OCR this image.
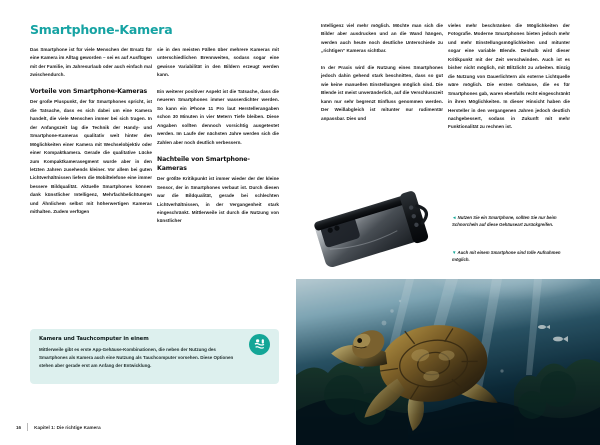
Smartphone-Kamera

Das Smartphone ist für viele Menschen der Ersatz für eine Kamera im Alltag geworden – sei es auf Ausflügen mit der Familie, im Jahresurlaub oder auch einfach mal zwischendurch.

Vorteile von Smartphone-Kameras

Der große Pluspunkt, der für Smartphones spricht, ist die Tatsache, dass es sich dabei um eine Kamera handelt, die viele Menschen immer bei sich tragen. In der Anfangszeit lag die Technik der Handy- und Smartphone-Kameras qualitativ weit hinter den Möglichkeiten einer Kamera mit Wechselobjektiv oder einer Kompaktkamera. Gerade die qualitative Lücke zum Kompaktkamerasegment wurde aber in den letzten Jahren zusehends kleiner. Vor allem bei guten Lichtverhältnissen liefern die Mobiltelefone eine immer bessere Bildqualität. Aktuelle Smartphones können dank künstlicher Intelligenz, Mehrfachbelichtungen und Ähnlichem selbst mit höherwertigen Kameras mithalten. Zudem verfügen

sie in den meisten Fällen über mehrere Kameras mit unterschiedlichen Brennweiten, sodass sogar eine gewisse Variabilität in den Bildern erzeugt werden kann.

Ein weiterer positiver Aspekt ist die Tatsache, dass die neueren Smartphones immer wasserdichter werden. So kann ein iPhone 11 Pro laut Herstellerangaben schon 30 Minuten in vier Metern Tiefe bleiben. Diese Angaben sollten dennoch vorsichtig ausgetestet werden. Im Laufe der nächsten Jahre werden sich die Zahlen aber noch deutlich verbessern.

Nachteile von Smartphone-Kameras

Der größte Kritikpunkt ist immer wieder der der kleine Sensor, der in Smartphones verbaut ist. Durch diesen war die Bildqualität, gerade bei schlechten Lichtverhältnissen, in der Vergangenheit stark eingeschränkt. Mittlerweile ist durch die Nutzung von künstlicher

Intelligenz viel mehr möglich. Möchte man sich die Bilder aber ausdrucken und an die Wand hängen, werden auch heute noch deutliche Unterschiede zu „richtigen“ Kameras sichtbar.

In der Praxis wird die Nutzung eines Smartphones jedoch dahin gehend stark beschnitten, dass so gut wie keine manuellen Einstellungen möglich sind. Die Blende ist meist unveränderlich, auf die Verschlusszeit kann nur sehr begrenzt Einfluss genommen werden. Der Weißabgleich ist mitunter nur rudimentär anpassbar. Dies und

vieles mehr beschränken die Möglichkeiten der Fotografie. Moderne Smartphones bieten jedoch mehr und mehr Einstellungsmöglichkeiten und mitunter sogar eine variable Blende. Deshalb wird dieser Kritikpunkt mit der Zeit verschwinden. Auch ist es bisher nicht möglich, mit Blitzlicht zu arbeiten. Einzig die Nutzung von Dauerlichtern als externe Lichtquelle wäre möglich. Die ersten Gehäuse, die es für Smartphones gab, waren ebenfalls recht eingeschränkt in ihren Möglichkeiten. In dieser Hinsicht haben die Hersteller in den vergangenen Jahren jedoch deutlich nachgebessert, sodass in Zukunft mit mehr Funktionalität zu rechnen ist.

Kamera und Tauchcomputer in einem
Mittlerweile gibt es erste App-Gehäuse-Kombinationen, die neben der Nutzung des Smartphones als Kamera auch eine Nutzung als Tauchcomputer vorsehen. Diese Optionen stehen aber gerade erst am Anfang der Entwicklung.
◄ Nutzen Sie ein Smartphone, sollten Sie nur beim Schnorcheln auf diese Gehäuseart zurückgreifen.
▼ Auch mit einem Smartphone sind tolle Aufnahmen möglich.
16	Kapitel 1: Die richtige Kamera
